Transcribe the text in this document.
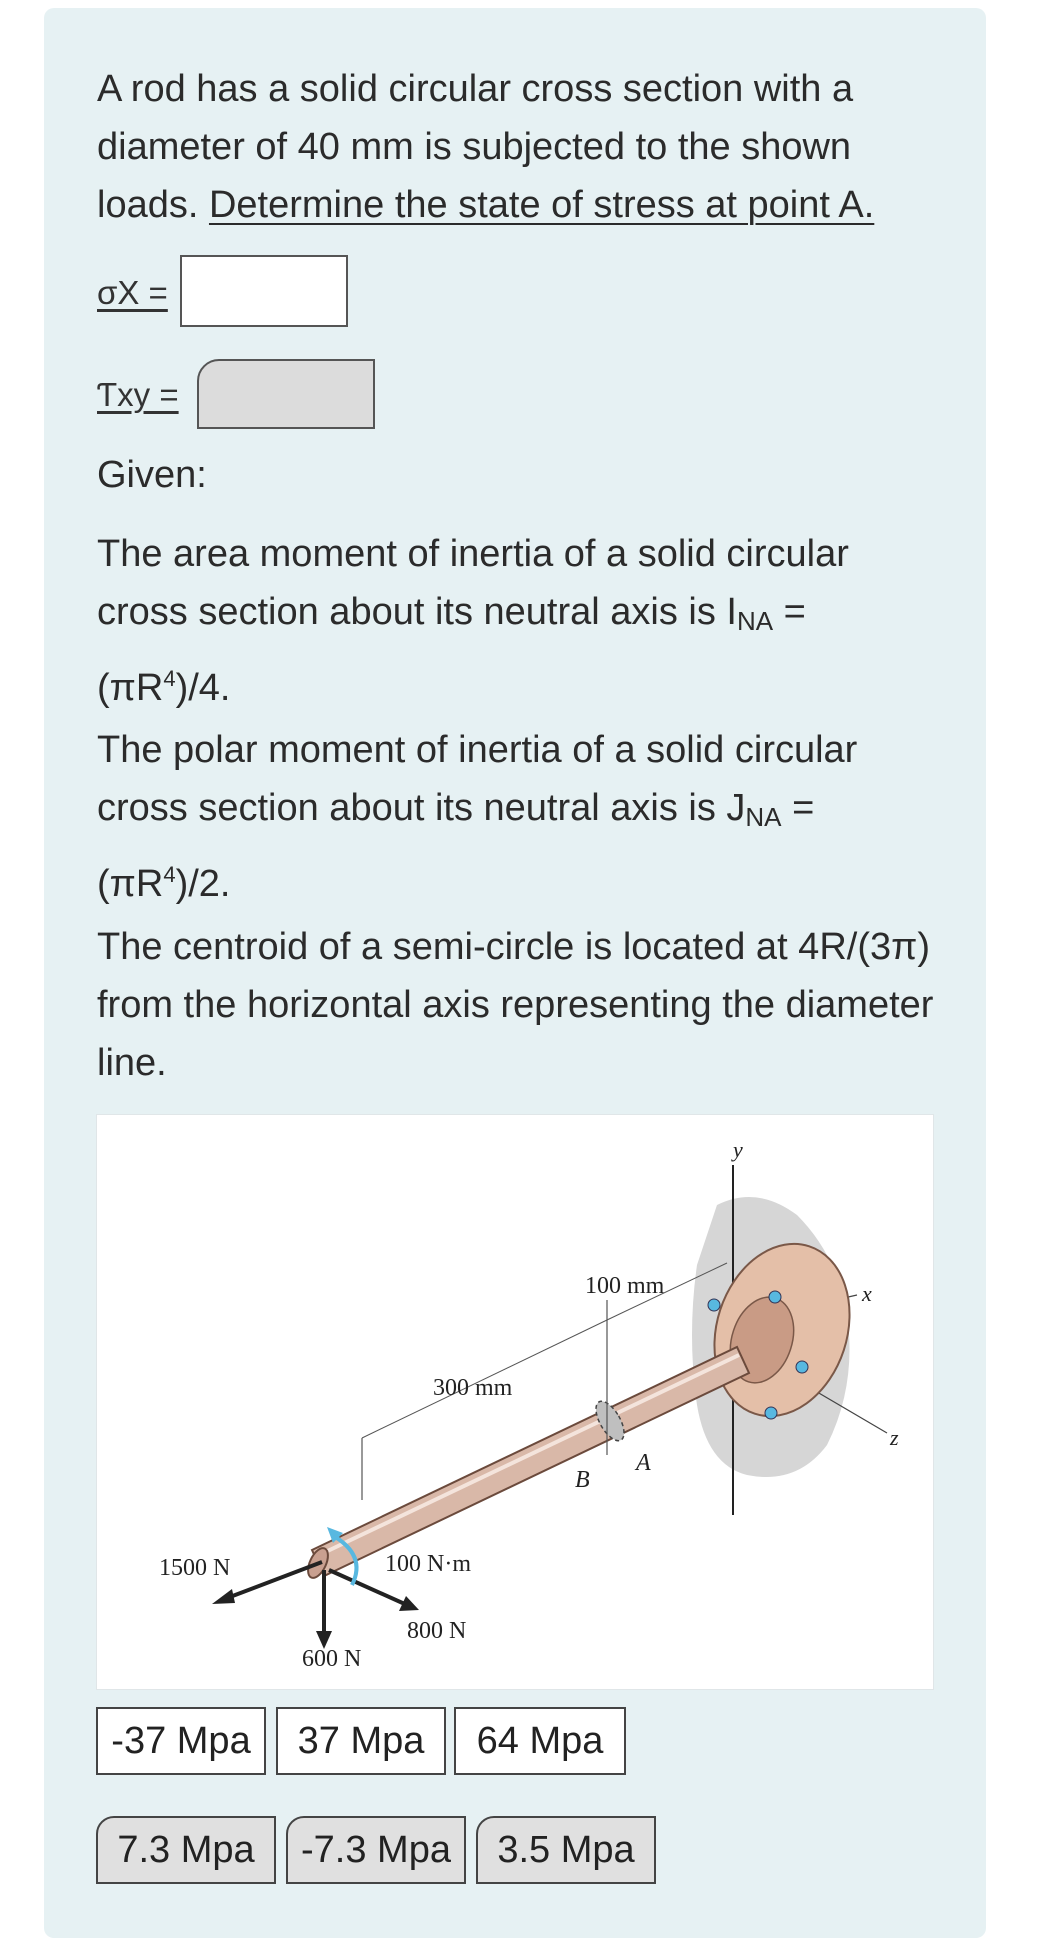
A rod has a solid circular cross section with a diameter of 40 mm is subjected to the shown loads. Determine the state of stress at point A.
σX =
Ƭxy =
Given:
The area moment of inertia of a solid circular cross section about its neutral axis is $I_{NA} = (\pi R^4)/4$.
The polar moment of inertia of a solid circular cross section about its neutral axis is $J_{NA} = (\pi R^4)/2$.
The centroid of a semi-circle is located at 4R/(3π) from the horizontal axis representing the diameter line.
y
x
z
100 mm
300 mm
A
B
1500 N	100 N·m
800 N
600 N
-37 Mpa	37 Mpa	64 Mpa
7.3 Mpa	-7.3 Mpa	3.5 Mpa
